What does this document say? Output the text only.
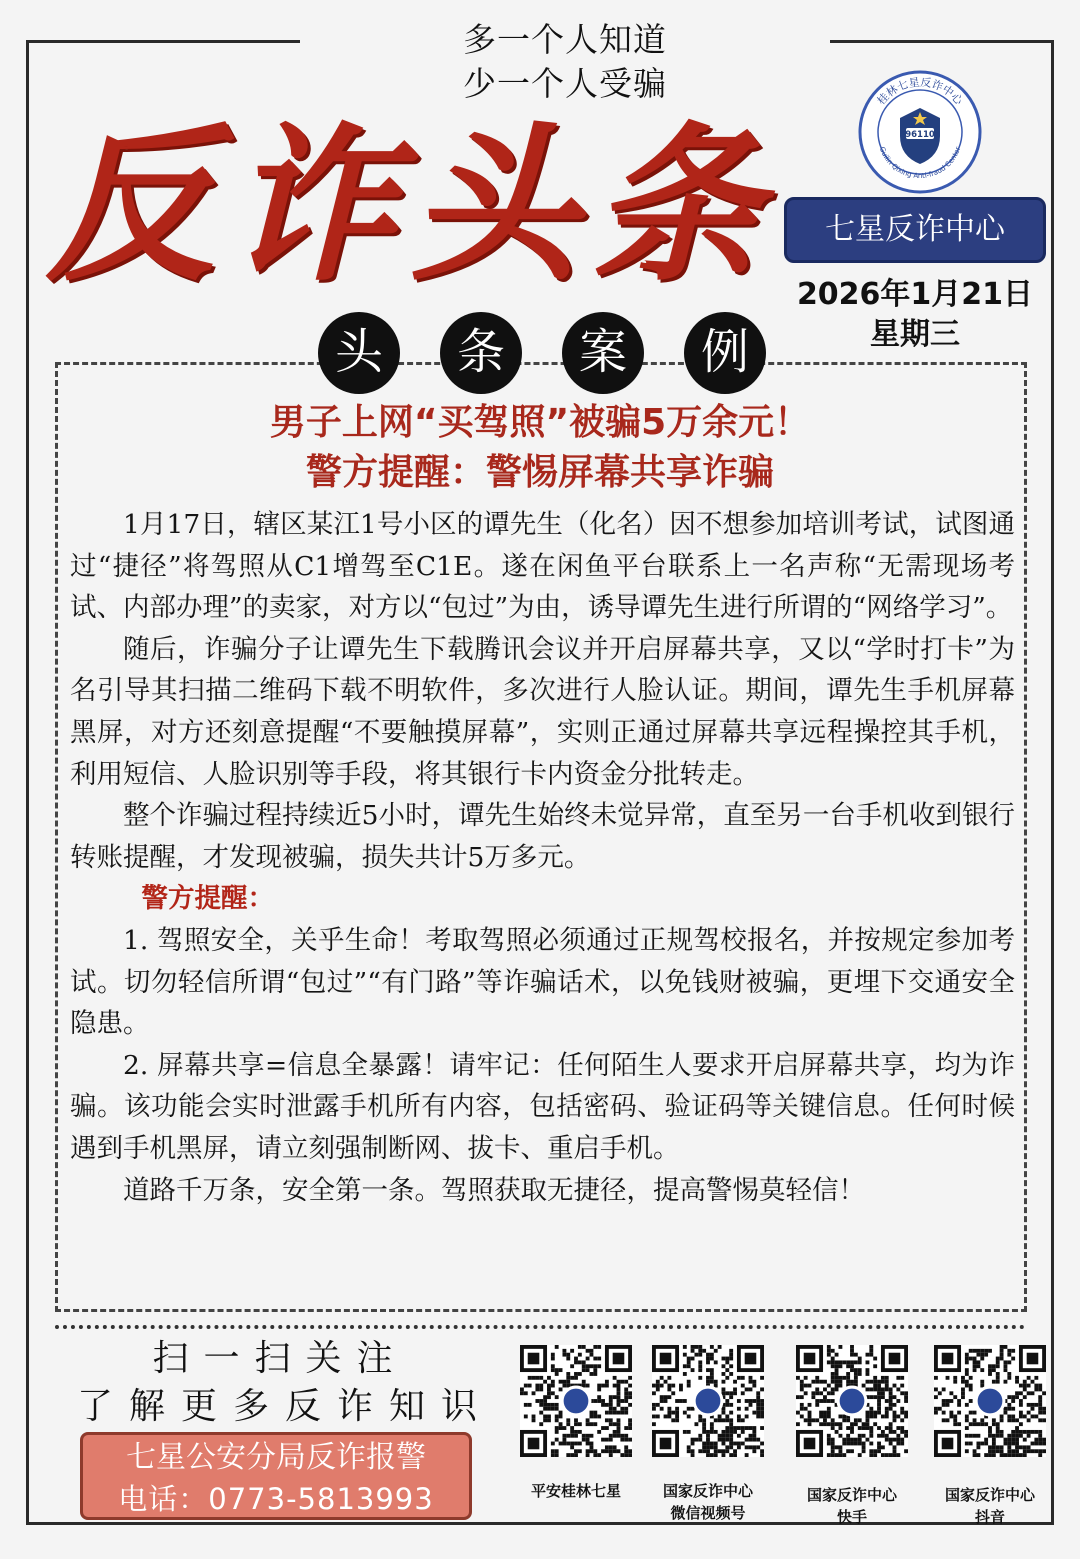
多一个人知道 少一个人受骗
反诈头条
桂林七星反诈中心
Guilin Qixing Anti-fraud Center
96110
七星反诈中心
2026年1月21日
星期三
头	条	案	例
男子上网“买驾照”被骗5万余元！
警方提醒：警惕屏幕共享诈骗

1月17日，辖区某江1号小区的谭先生（化名）因不想参加培训考试，试图通过“捷径”将驾照从C1增驾至C1E。遂在闲鱼平台联系上一名声称“无需现场考试、内部办理”的卖家，对方以“包过”为由，诱导谭先生进行所谓的“网络学习”。

随后，诈骗分子让谭先生下载腾讯会议并开启屏幕共享，又以“学时打卡”为名引导其扫描二维码下载不明软件，多次进行人脸认证。期间，谭先生手机屏幕黑屏，对方还刻意提醒“不要触摸屏幕”，实则正通过屏幕共享远程操控其手机，利用短信、人脸识别等手段，将其银行卡内资金分批转走。

整个诈骗过程持续近5小时，谭先生始终未觉异常，直至另一台手机收到银行转账提醒，才发现被骗，损失共计5万多元。

警方提醒：

1. 驾照安全，关乎生命！考取驾照必须通过正规驾校报名，并按规定参加考试。切勿轻信所谓“包过”“有门路”等诈骗话术，以免钱财被骗，更埋下交通安全隐患。

2. 屏幕共享=信息全暴露！请牢记：任何陌生人要求开启屏幕共享，均为诈骗。该功能会实时泄露手机所有内容，包括密码、验证码等关键信息。任何时候遇到手机黑屏，请立刻强制断网、拔卡、重启手机。

道路千万条，安全第一条。驾照获取无捷径，提高警惕莫轻信！

扫一扫关注
了解更多反诈知识
七星公安分局反诈报警
电话：0773-5813993	平安桂林七星	国家反诈中心
微信视频号
国家反诈中心
快手
国家反诈中心
抖音
